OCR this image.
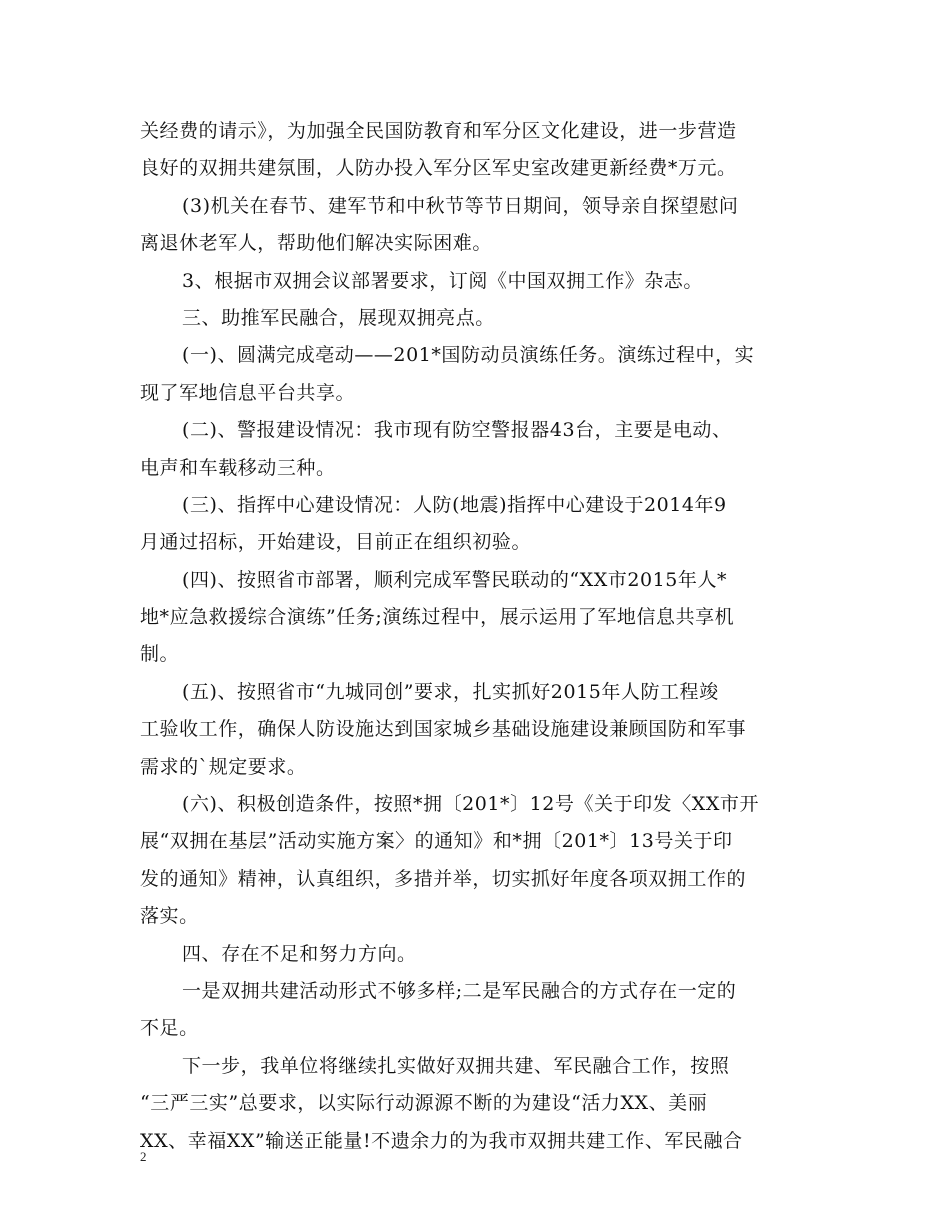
关经费的请示》，为加强全民国防教育和军分区文化建设，进一步营造
良好的双拥共建氛围，人防办投入军分区军史室改建更新经费*万元。
(3)机关在春节、建军节和中秋节等节日期间，领导亲自探望慰问
离退休老军人，帮助他们解决实际困难。
3、根据市双拥会议部署要求，订阅《中国双拥工作》杂志。
三、助推军民融合，展现双拥亮点。
(一)、圆满完成亳动——201*国防动员演练任务。演练过程中，实
现了军地信息平台共享。
(二)、警报建设情况：我市现有防空警报器43台，主要是电动、
电声和车载移动三种。
(三)、指挥中心建设情况：人防(地震)指挥中心建设于2014年9
月通过招标，开始建设，目前正在组织初验。
(四)、按照省市部署，顺利完成军警民联动的“XX市2015年人*
地*应急救援综合演练”任务;演练过程中，展示运用了军地信息共享机
制。
(五)、按照省市“九城同创”要求，扎实抓好2015年人防工程竣
工验收工作，确保人防设施达到国家城乡基础设施建设兼顾国防和军事
需求的`规定要求。
(六)、积极创造条件，按照*拥〔201*〕12号《关于印发〈XX市开
展“双拥在基层”活动实施方案〉的通知》和*拥〔201*〕13号关于印
发的通知》精神，认真组织，多措并举，切实抓好年度各项双拥工作的
落实。
四、存在不足和努力方向。
一是双拥共建活动形式不够多样;二是军民融合的方式存在一定的
不足。
下一步，我单位将继续扎实做好双拥共建、军民融合工作，按照
“三严三实”总要求，以实际行动源源不断的为建设“活力XX、美丽
XX、幸福XX”输送正能量!不遗余力的为我市双拥共建工作、军民融合
2
